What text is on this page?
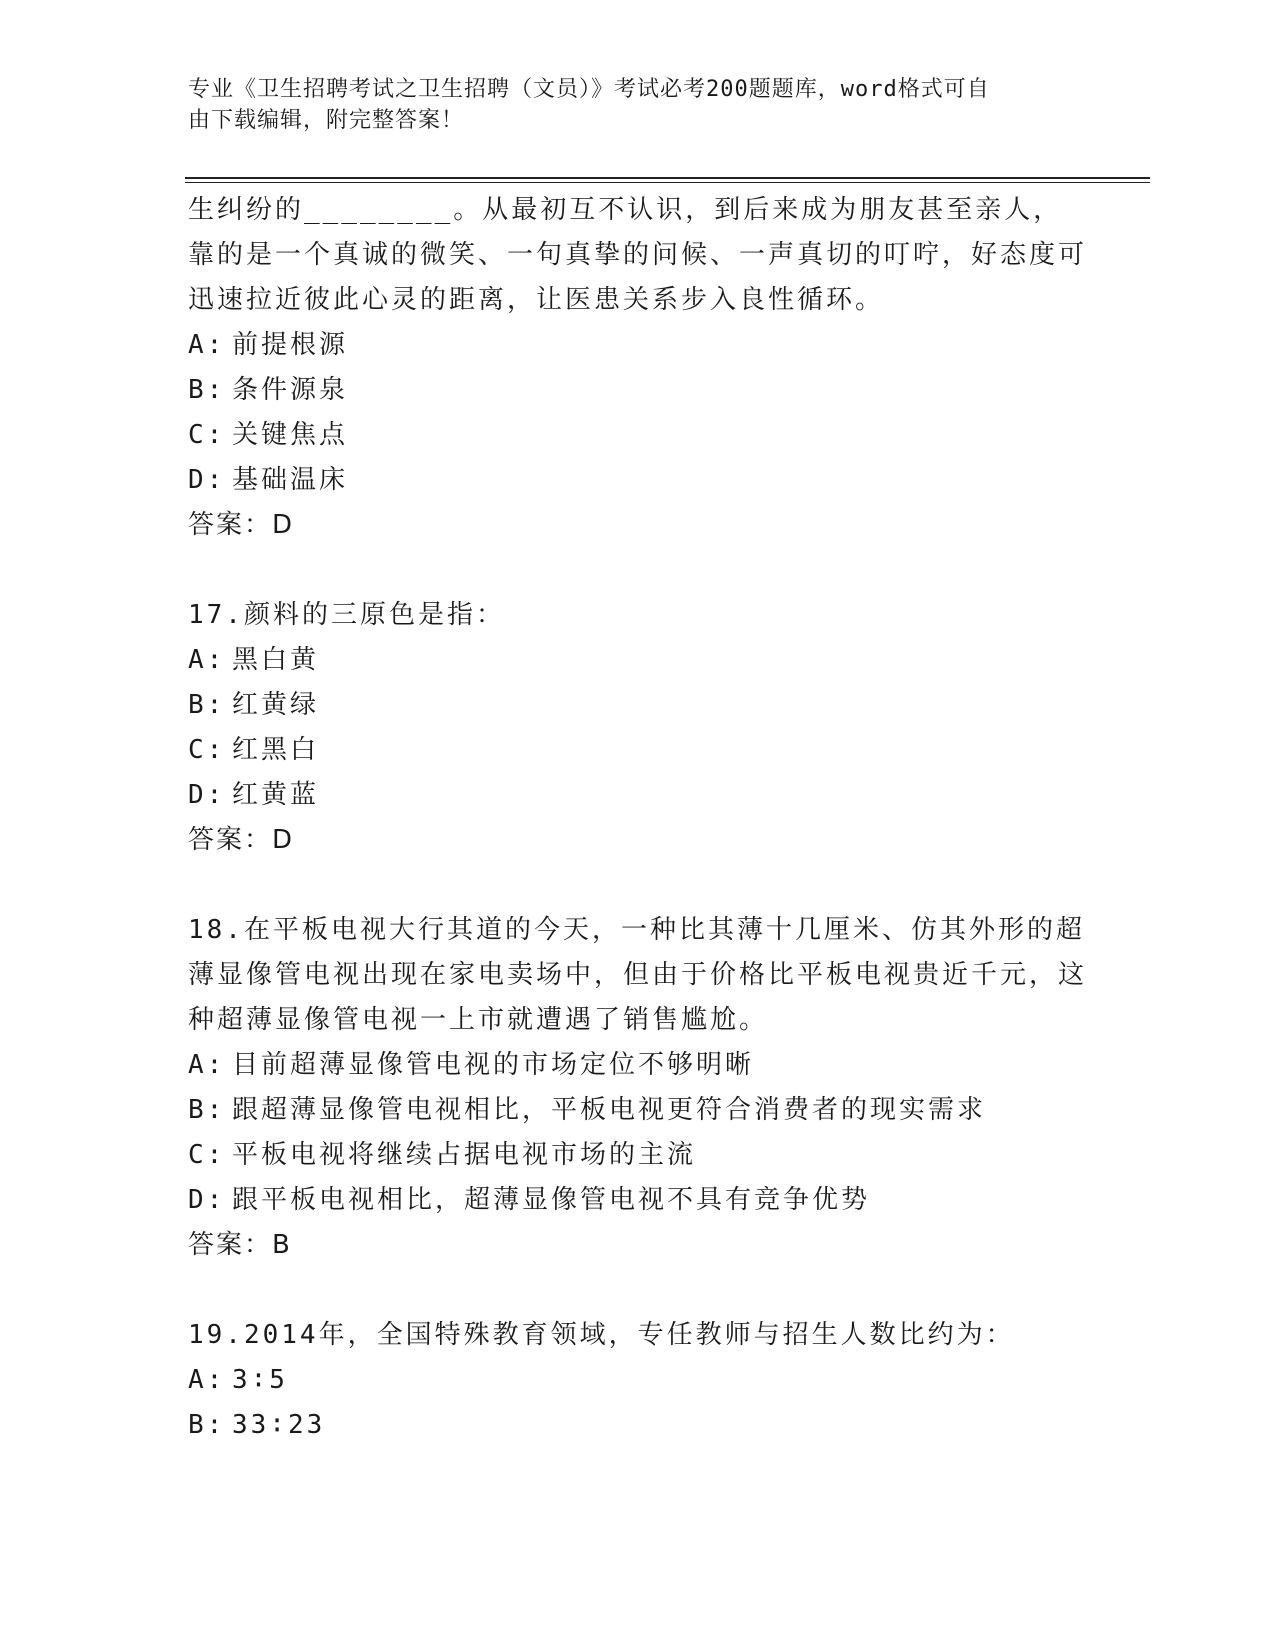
专业《卫生招聘考试之卫生招聘（文员）》考试必考200题题库，word格式可自
由下载编辑，附完整答案！

生纠纷的________。从最初互不认识，到后来成为朋友甚至亲人，靠的是一个真诚的微笑、一句真挚的问候、一声真切的叮咛，好态度可迅速拉近彼此心灵的距离，让医患关系步入良性循环。

A: 前提根源
B: 条件源泉
C: 关键焦点
D: 基础温床
答案：D

17.颜料的三原色是指：

A: 黑白黄
B: 红黄绿
C: 红黑白
D: 红黄蓝
答案：D

18.在平板电视大行其道的今天，一种比其薄十几厘米、仿其外形的超薄显像管电视出现在家电卖场中，但由于价格比平板电视贵近千元，这种超薄显像管电视一上市就遭遇了销售尴尬。

A: 目前超薄显像管电视的市场定位不够明晰
B: 跟超薄显像管电视相比，平板电视更符合消费者的现实需求
C: 平板电视将继续占据电视市场的主流
D: 跟平板电视相比，超薄显像管电视不具有竞争优势
答案：B

19.2014年，全国特殊教育领域，专任教师与招生人数比约为：

A: 3∶5
B: 33∶23
